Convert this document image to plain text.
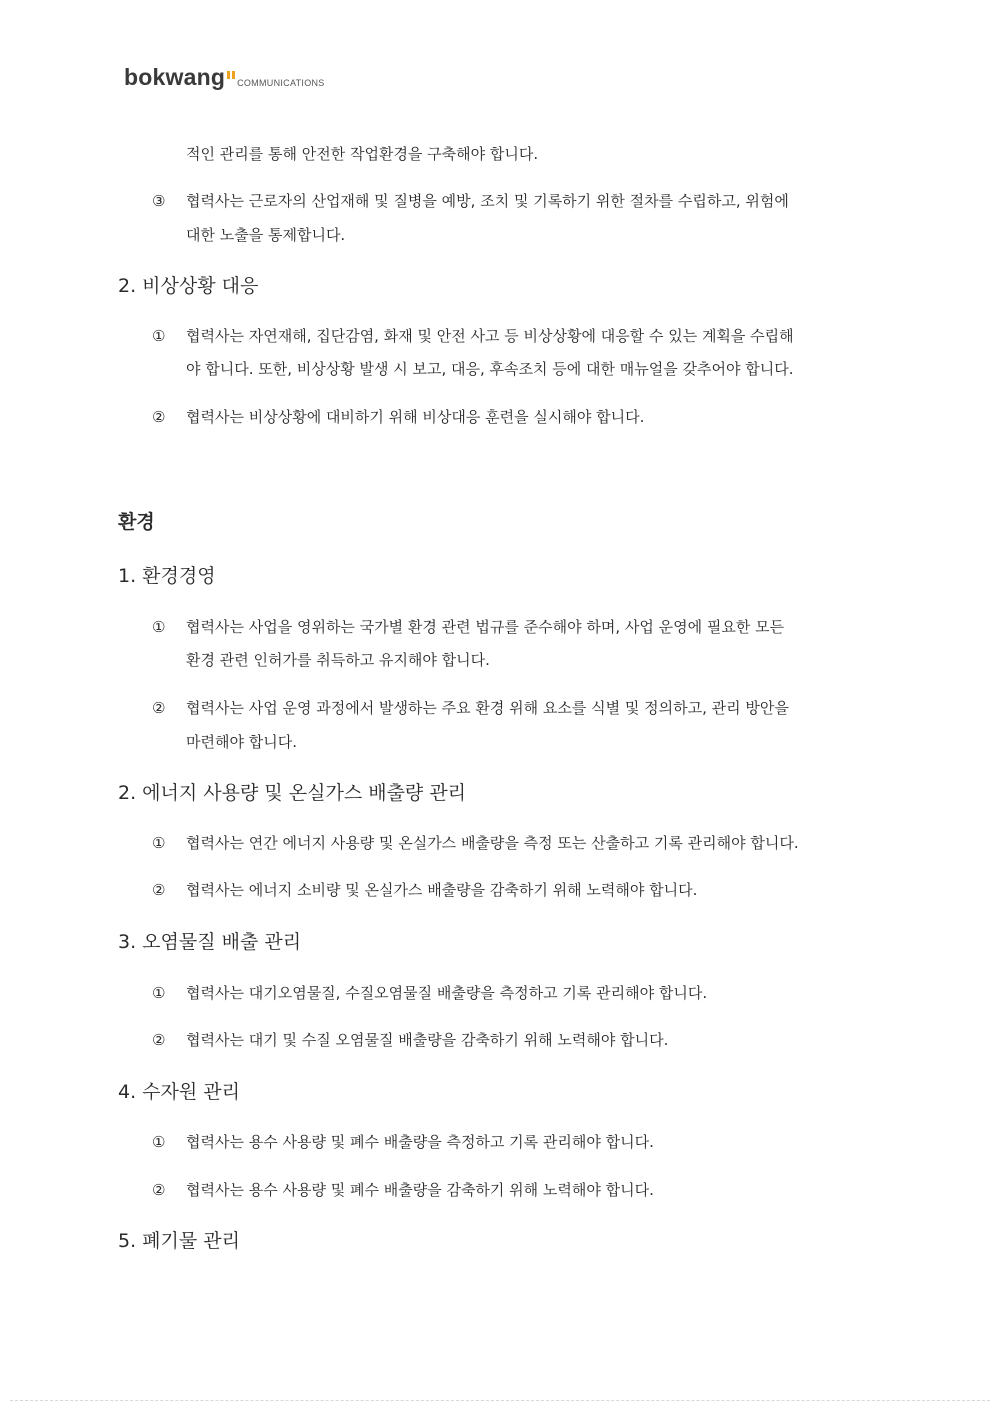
bokwang COMMUNICATIONS
적인 관리를 통해 안전한 작업환경을 구축해야 합니다.
③ 협력사는 근로자의 산업재해 및 질병을 예방, 조치 및 기록하기 위한 절차를 수립하고, 위험에
대한 노출을 통제합니다.
2. 비상상황 대응
① 협력사는 자연재해, 집단감염, 화재 및 안전 사고 등 비상상황에 대응할 수 있는 계획을 수립해
야 합니다. 또한, 비상상황 발생 시 보고, 대응, 후속조치 등에 대한 매뉴얼을 갖추어야 합니다.
② 협력사는 비상상황에 대비하기 위해 비상대응 훈련을 실시해야 합니다.
환경
1. 환경경영
① 협력사는 사업을 영위하는 국가별 환경 관련 법규를 준수해야 하며, 사업 운영에 필요한 모든
환경 관련 인허가를 취득하고 유지해야 합니다.
② 협력사는 사업 운영 과정에서 발생하는 주요 환경 위해 요소를 식별 및 정의하고, 관리 방안을
마련해야 합니다.
2. 에너지 사용량 및 온실가스 배출량 관리
① 협력사는 연간 에너지 사용량 및 온실가스 배출량을 측정 또는 산출하고 기록 관리해야 합니다.
② 협력사는 에너지 소비량 및 온실가스 배출량을 감축하기 위해 노력해야 합니다.
3. 오염물질 배출 관리
① 협력사는 대기오염물질, 수질오염물질 배출량을 측정하고 기록 관리해야 합니다.
② 협력사는 대기 및 수질 오염물질 배출량을 감축하기 위해 노력해야 합니다.
4. 수자원 관리
① 협력사는 용수 사용량 및 폐수 배출량을 측정하고 기록 관리해야 합니다.
② 협력사는 용수 사용량 및 폐수 배출량을 감축하기 위해 노력해야 합니다.
5. 폐기물 관리
